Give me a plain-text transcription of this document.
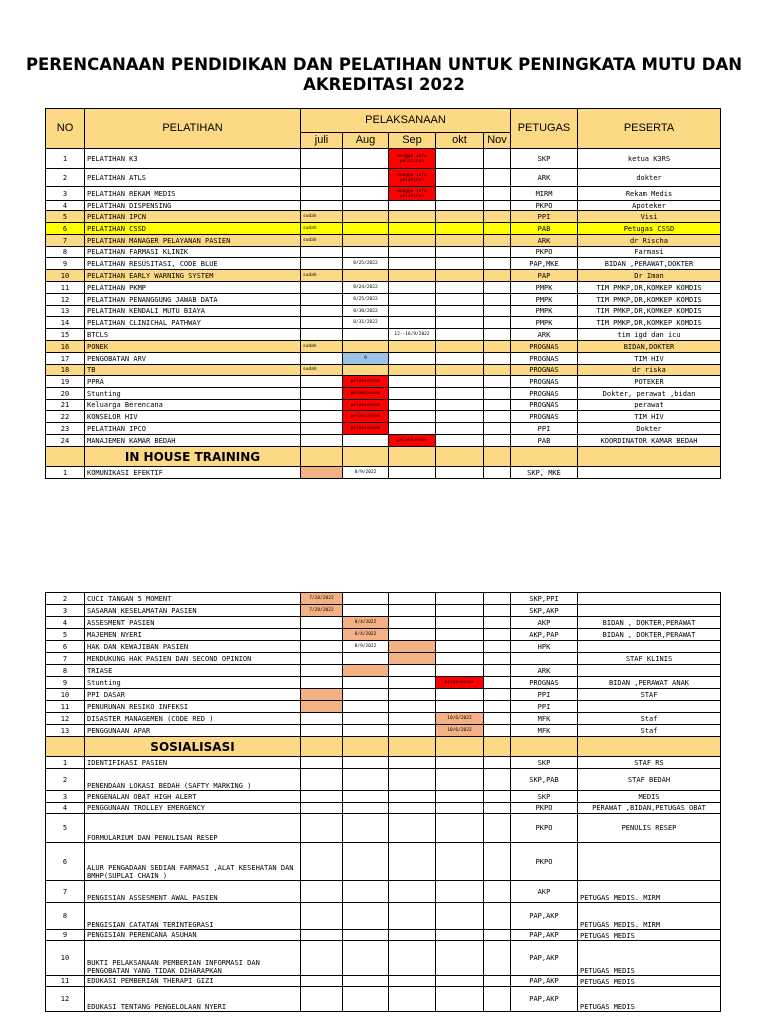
PERENCANAAN PENDIDIKAN DAN PELATIHAN UNTUK PENINGKATA MUTU DAN
AKREDITASI 2022
NO	PELATIHAN	PELAKSANAAN					PETUGAS	PESERTA
		juli	Aug	Sep	okt	Nov		
1	PELATIHAN K3			menggu info pelatihan			SKP	ketua K3RS
2	PELATIHAN ATLS			menggu info pelatihan			ARK	dokter
3	PELATIHAN REKAM MEDIS			menggu info pelatihan			MIRM	Rekam Medis
4	PELATIHAN DISPENSING						PKPO	Apoteker
5	PELATIHAN IPCN	sudah					PPI	Visi
6	PELATIHAN CSSD	sudah					PAB	Petugas CSSD
7	PELATIHAN MANAGER PELAYANAN PASIEN	sudah					ARK	dr Rischa
8	PELATIHAN FARMASI KLINIK						PKPO	Farmasi
9	PELATIHAN RESUSITASI, CODE BLUE		8/25/2022				PAP,MKE	BIDAN ,PERAWAT,DOKTER
10	PELATIHAN EARLY WARNING SYSTEM	sudah					PAP	Dr Iman
11	PELATIHAN PKMP		8/24/2022				PMPK	TIM PMKP,DR,KOMKEP KOMDIS
12	PELATIHAN PENANGGUNG JAWAB DATA		8/25/2022				PMPK	TIM PMKP,DR,KOMKEP KOMDIS
13	PELATIHAN KENDALI MUTU BIAYA		8/30/2022				PMPK	TIM PMKP,DR,KOMKEP KOMDIS
14	PELATIHAN CLINICHAL PATHWAY		8/31/2022				PMPK	TIM PMKP,DR,KOMKEP KOMDIS
15	BTCLS			12--16/9/2022			ARK	tim igd dan icu
16	PONEK	sudah					PROGNAS	BIDAN,DOKTER
17	PENGOBATAN ARV		9				PROGNAS	TIM HIV
18	TB	sudah					PROGNAS	dr riska
19	PPRA		pelaksanaan				PROGNAS	POTEKER
20	Stunting		pelaksanaan				PROGNAS	Dokter, perawat ,bidan
21	Keluarga Berencana		pelaksanaan				PROGNAS	perawat
22	KONSELOR HIV		pelaksanaan				PROGNAS	TIM HIV
23	PELATIHAN IPCO		pelaksanaan				PPI	Dokter
24	MANAJEMEN KAMAR BEDAH			pelaksanaan			PAB	KOORDINATOR KAMAR BEDAH
	IN HOUSE TRAINING							
1	KOMUNIKASI EFEKTIF		8/9/2022				SKP, MKE	
2	CUCI TANGAN 5 MOMENT	7/28/2022					SKP,PPI	
3	SASARAN KESELAMATAN PASIEN	7/28/2022					SKP,AKP	
4	ASSESMENT PASIEN		8/4/2022				AKP	BIDAN , DOKTER,PERAWAT
5	MAJEMEN NYERI		8/4/2022				AKP,PAP	BIDAN , DOKTER,PERAWAT
6	HAK DAN KEWAJIBAN PASIEN		8/9/2022				HPK	
7	MENDUKUNG HAK PASIEN DAN SECOND OPINION							STAF KLINIS
8	TRIASE						ARK	
9	Stunting				pelaksanaan		PROGNAS	BIDAN ,PERAWAT ANAK
10	PPI DASAR						PPI	STAF
11	PENURUNAN RESIKO INFEKSI						PPI	
12	DISASTER MANAGEMEN (CODE RED )				10/6/2022		MFK	Staf
13	PENGGUNAAN APAR				10/6/2022		MFK	Staf
	SOSIALISASI							
1	IDENTIFIKASI PASIEN						SKP	STAF RS
2	PENENDAAN LOKASI BEDAH (SAFTY MARKING )						SKP,PAB	STAF BEDAH
3	PENGENALAN OBAT HIGH ALERT						SKP	MEDIS
4	PENGGUNAAN TROLLEY EMERGENCY						PKPO	PERAWAT ,BIDAN,PETUGAS OBAT
5	FORMULARIUM DAN PENULISAN RESEP						PKPO	PENULIS RESEP
6	ALUR PENGADAAN SEDIAN FARMASI ,ALAT KESEHATAN DAN BMHP(SUPLAI CHAIN )						PKPO	
7	PENGISIAN ASSESMENT AWAL PASIEN						AKP	PETUGAS MEDIS. MIRM
8	PENGISIAN CATATAN TERINTEGRASI						PAP,AKP	PETUGAS MEDIS. MIRM
9	PENGISIAN PERENCANA ASUHAN						PAP,AKP	PETUGAS MEDIS
10	BUKTI PELAKSANAAN PEMBERIAN INFORMASI DAN PENGOBATAN YANG TIDAK DIHARAPKAN						PAP,AKP	PETUGAS MEDIS
11	EDUKASI PEMBERIAN THERAPI GIZI						PAP,AKP	PETUGAS MEDIS
12	EDUKASI TENTANG PENGELOLAAN NYERI						PAP,AKP	PETUGAS MEDIS
